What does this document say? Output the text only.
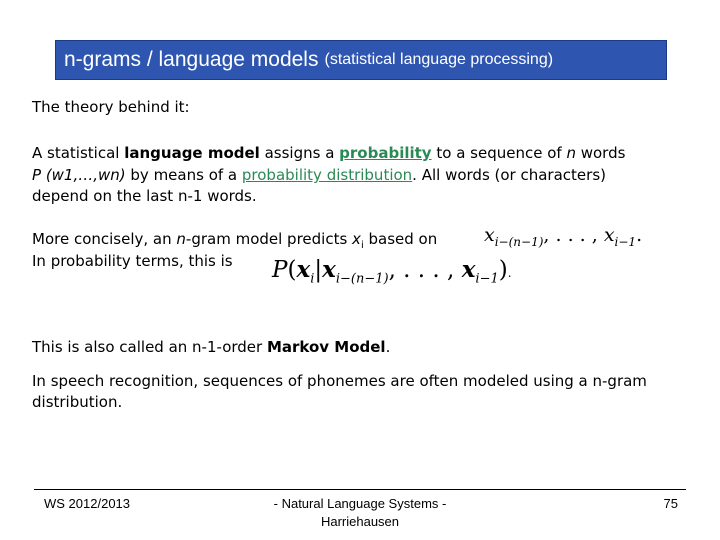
n-grams / language models (statistical language processing)
The theory behind it:
A statistical language model assigns a probability to a sequence of n words
P (w1,…,wn) by means of a probability distribution. All words (or characters)
depend on the last n-1 words.
More concisely, an n-gram model predicts $x_i$ based on
In probability terms, this is
$x_{i-(n-1)}$, . . . , $x_{i-1}$.
$P(x_i|x_{i-(n-1)}$, . . . , $x_{i-1}$).
This is also called an n-1-order Markov Model.
In speech recognition, sequences of phonemes are often modeled using a n-gram
distribution.
WS 2012/2013	- Natural Language Systems -
Harriehausen
75
